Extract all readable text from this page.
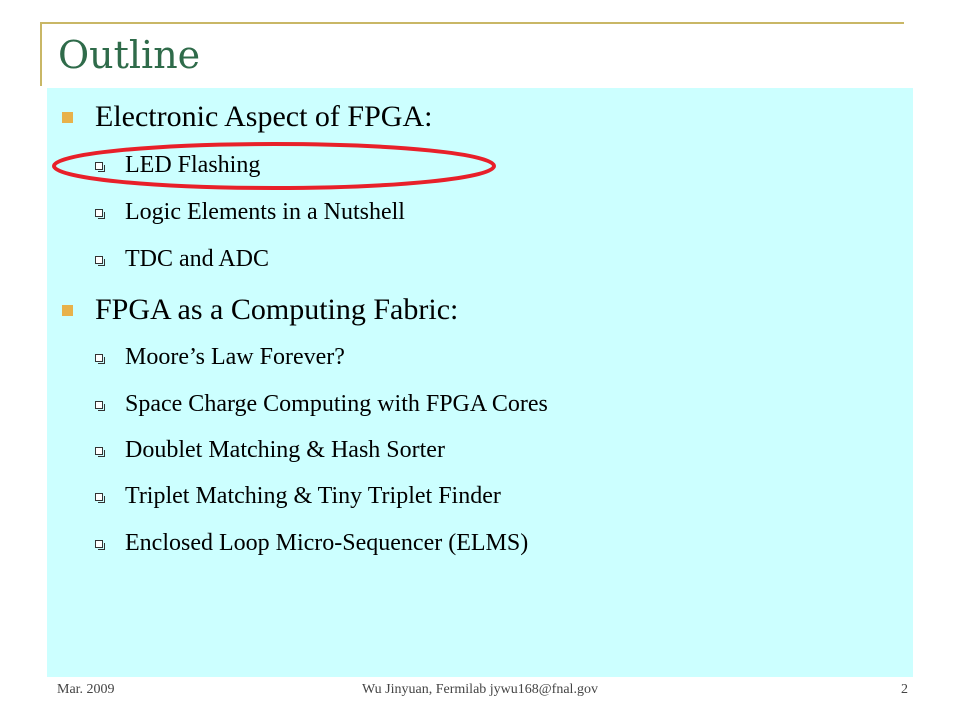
Outline
Electronic Aspect of FPGA:
LED Flashing
Logic Elements in a Nutshell
TDC and ADC
FPGA as a Computing Fabric:
Moore’s Law Forever?
Space Charge Computing with FPGA Cores
Doublet Matching & Hash Sorter
Triplet Matching & Tiny Triplet Finder
Enclosed Loop Micro-Sequencer (ELMS)
Mar. 2009	Wu Jinyuan, Fermilab jywu168@fnal.gov	2
